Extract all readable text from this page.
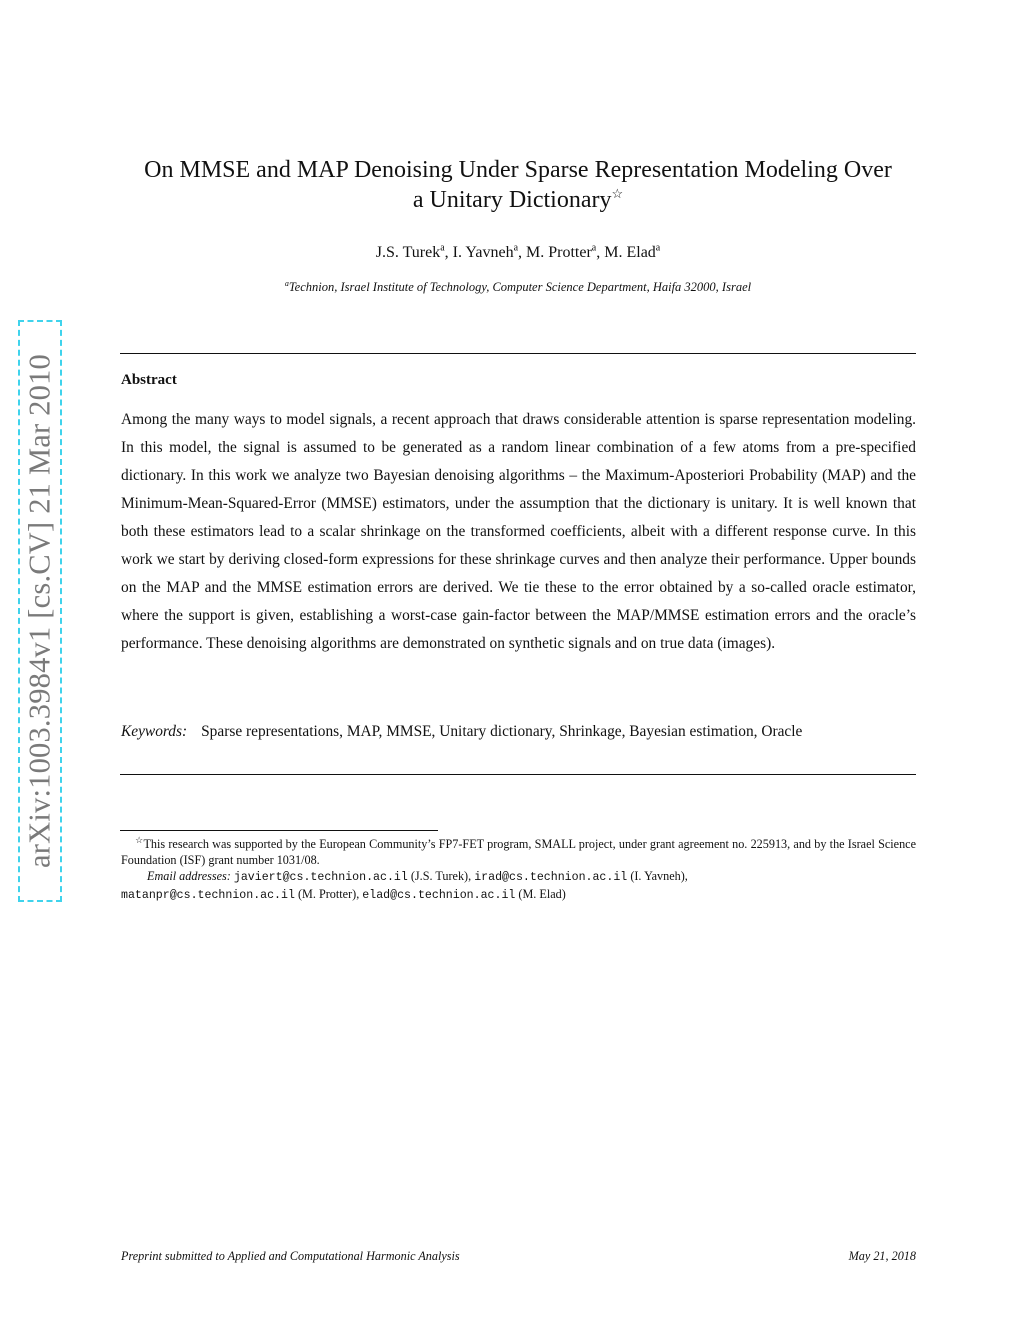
arXiv:1003.3984v1 [cs.CV] 21 Mar 2010
On MMSE and MAP Denoising Under Sparse Representation Modeling Over
a Unitary Dictionary☆
J.S. Turek$^a$, I. Yavneh$^a$, M. Protter$^a$, M. Elad$^a$
$^a$Technion, Israel Institute of Technology, Computer Science Department, Haifa 32000, Israel
Abstract
Among the many ways to model signals, a recent approach that draws considerable attention is sparse representation modeling. In this model, the signal is assumed to be generated as a random linear combination of a few atoms from a pre-specified dictionary. In this work we analyze two Bayesian denoising algorithms – the Maximum-Aposteriori Probability (MAP) and the Minimum-Mean-Squared-Error (MMSE) estimators, under the assumption that the dictionary is unitary. It is well known that both these estimators lead to a scalar shrinkage on the transformed coefficients, albeit with a different response curve. In this work we start by deriving closed-form expressions for these shrinkage curves and then analyze their performance. Upper bounds on the MAP and the MMSE estimation errors are derived. We tie these to the error obtained by a so-called oracle estimator, where the support is given, establishing a worst-case gain-factor between the MAP/MMSE estimation errors and the oracle’s performance. These denoising algorithms are demonstrated on synthetic signals and on true data (images).
Keywords: Sparse representations, MAP, MMSE, Unitary dictionary, Shrinkage, Bayesian estimation, Oracle
☆This research was supported by the European Community’s FP7-FET program, SMALL project, under grant agreement no. 225913, and by the Israel Science Foundation (ISF) grant number 1031/08.
Email addresses: javiert@cs.technion.ac.il (J.S. Turek), irad@cs.technion.ac.il (I. Yavneh),
matanpr@cs.technion.ac.il (M. Protter), elad@cs.technion.ac.il (M. Elad)
Preprint submitted to Applied and Computational Harmonic Analysis	May 21, 2018
